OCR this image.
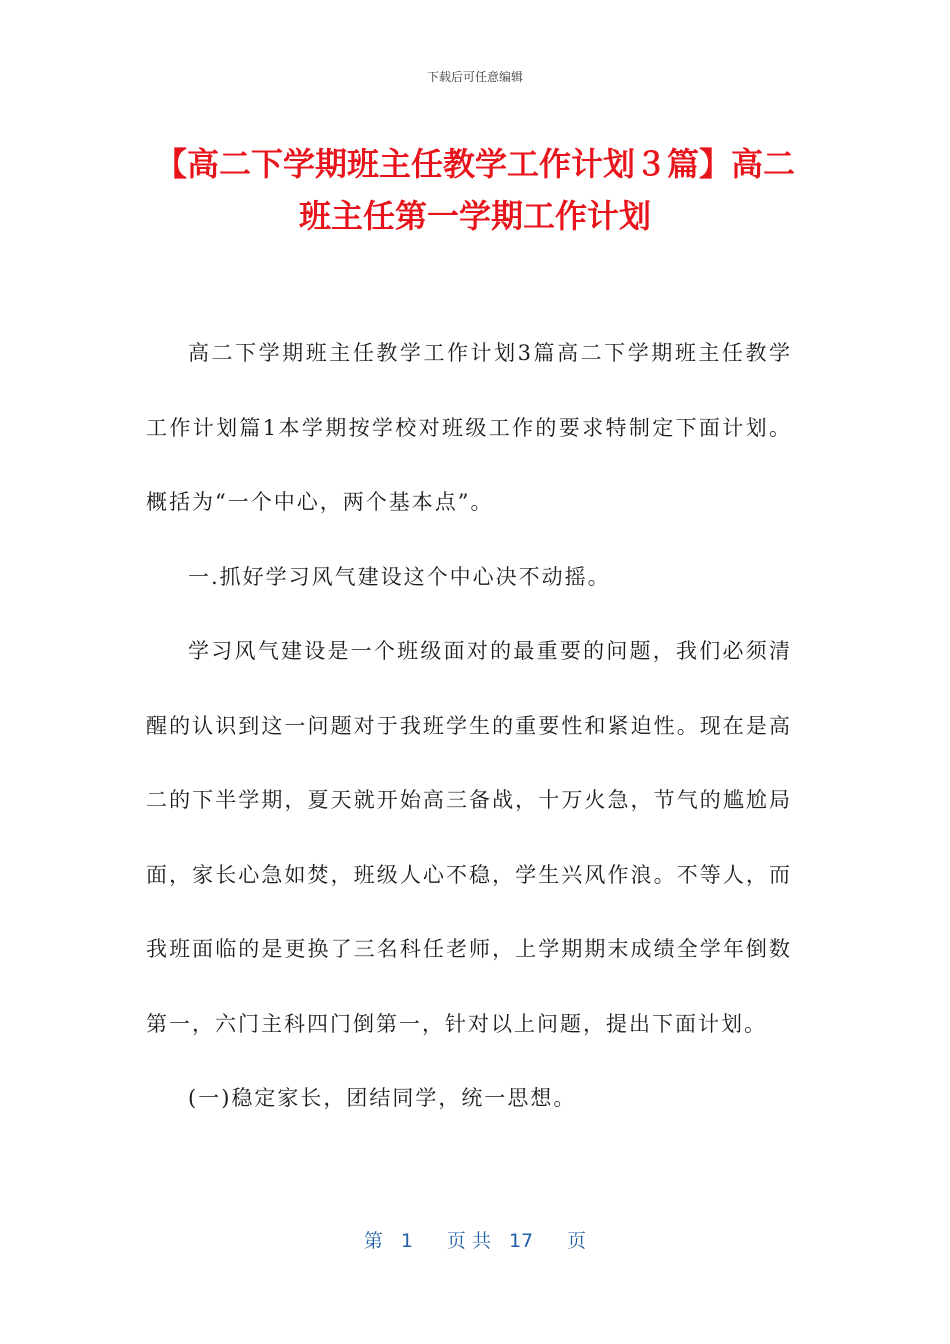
下载后可任意编辑
【高二下学期班主任教学工作计划３篇】高二班主任第一学期工作计划

高二下学期班主任教学工作计划3篇高二下学期班主任教学工作计划篇1本学期按学校对班级工作的要求特制定下面计划。概括为“一个中心，两个基本点”。

一.抓好学习风气建设这个中心决不动摇。

学习风气建设是一个班级面对的最重要的问题，我们必须清醒的认识到这一问题对于我班学生的重要性和紧迫性。现在是高二的下半学期，夏天就开始高三备战，十万火急，节气的尴尬局面，家长心急如焚，班级人心不稳，学生兴风作浪。不等人，而我班面临的是更换了三名科任老师，上学期期末成绩全学年倒数第一，六门主科四门倒第一，针对以上问题，提出下面计划。

(一)稳定家长，团结同学，统一思想。

第 1 页 共 17 页
